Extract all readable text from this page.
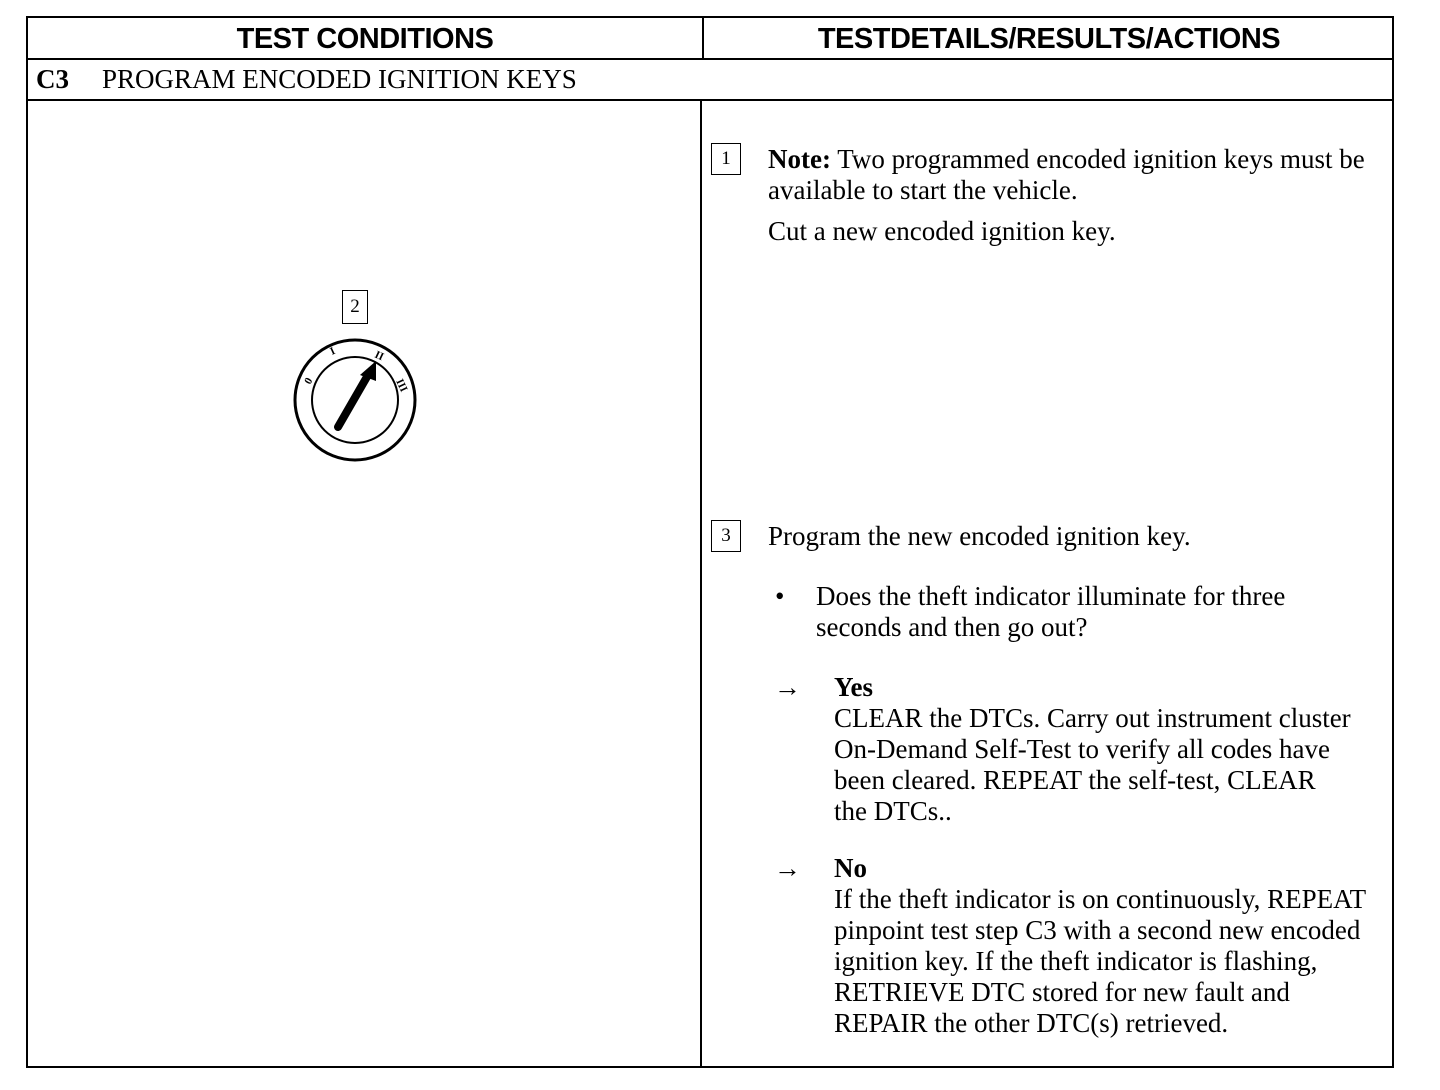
TEST CONDITIONS	TESTDETAILS/RESULTS/ACTIONS
C3	PROGRAM ENCODED IGNITION KEYS
2
0
I	II
III
1	Note: Two programmed encoded ignition keys must be available to start the vehicle.
Cut a new encoded ignition key.
3	Program the new encoded ignition key.
• Does the theft indicator illuminate for three seconds and then go out?
→ Yes
CLEAR the DTCs. Carry out instrument cluster On-Demand Self-Test to verify all codes have been cleared. REPEAT the self-test, CLEAR the DTCs..
→ No
If the theft indicator is on continuously, REPEAT pinpoint test step C3 with a second new encoded ignition key. If the theft indicator is flashing, RETRIEVE DTC stored for new fault and REPAIR the other DTC(s) retrieved.
